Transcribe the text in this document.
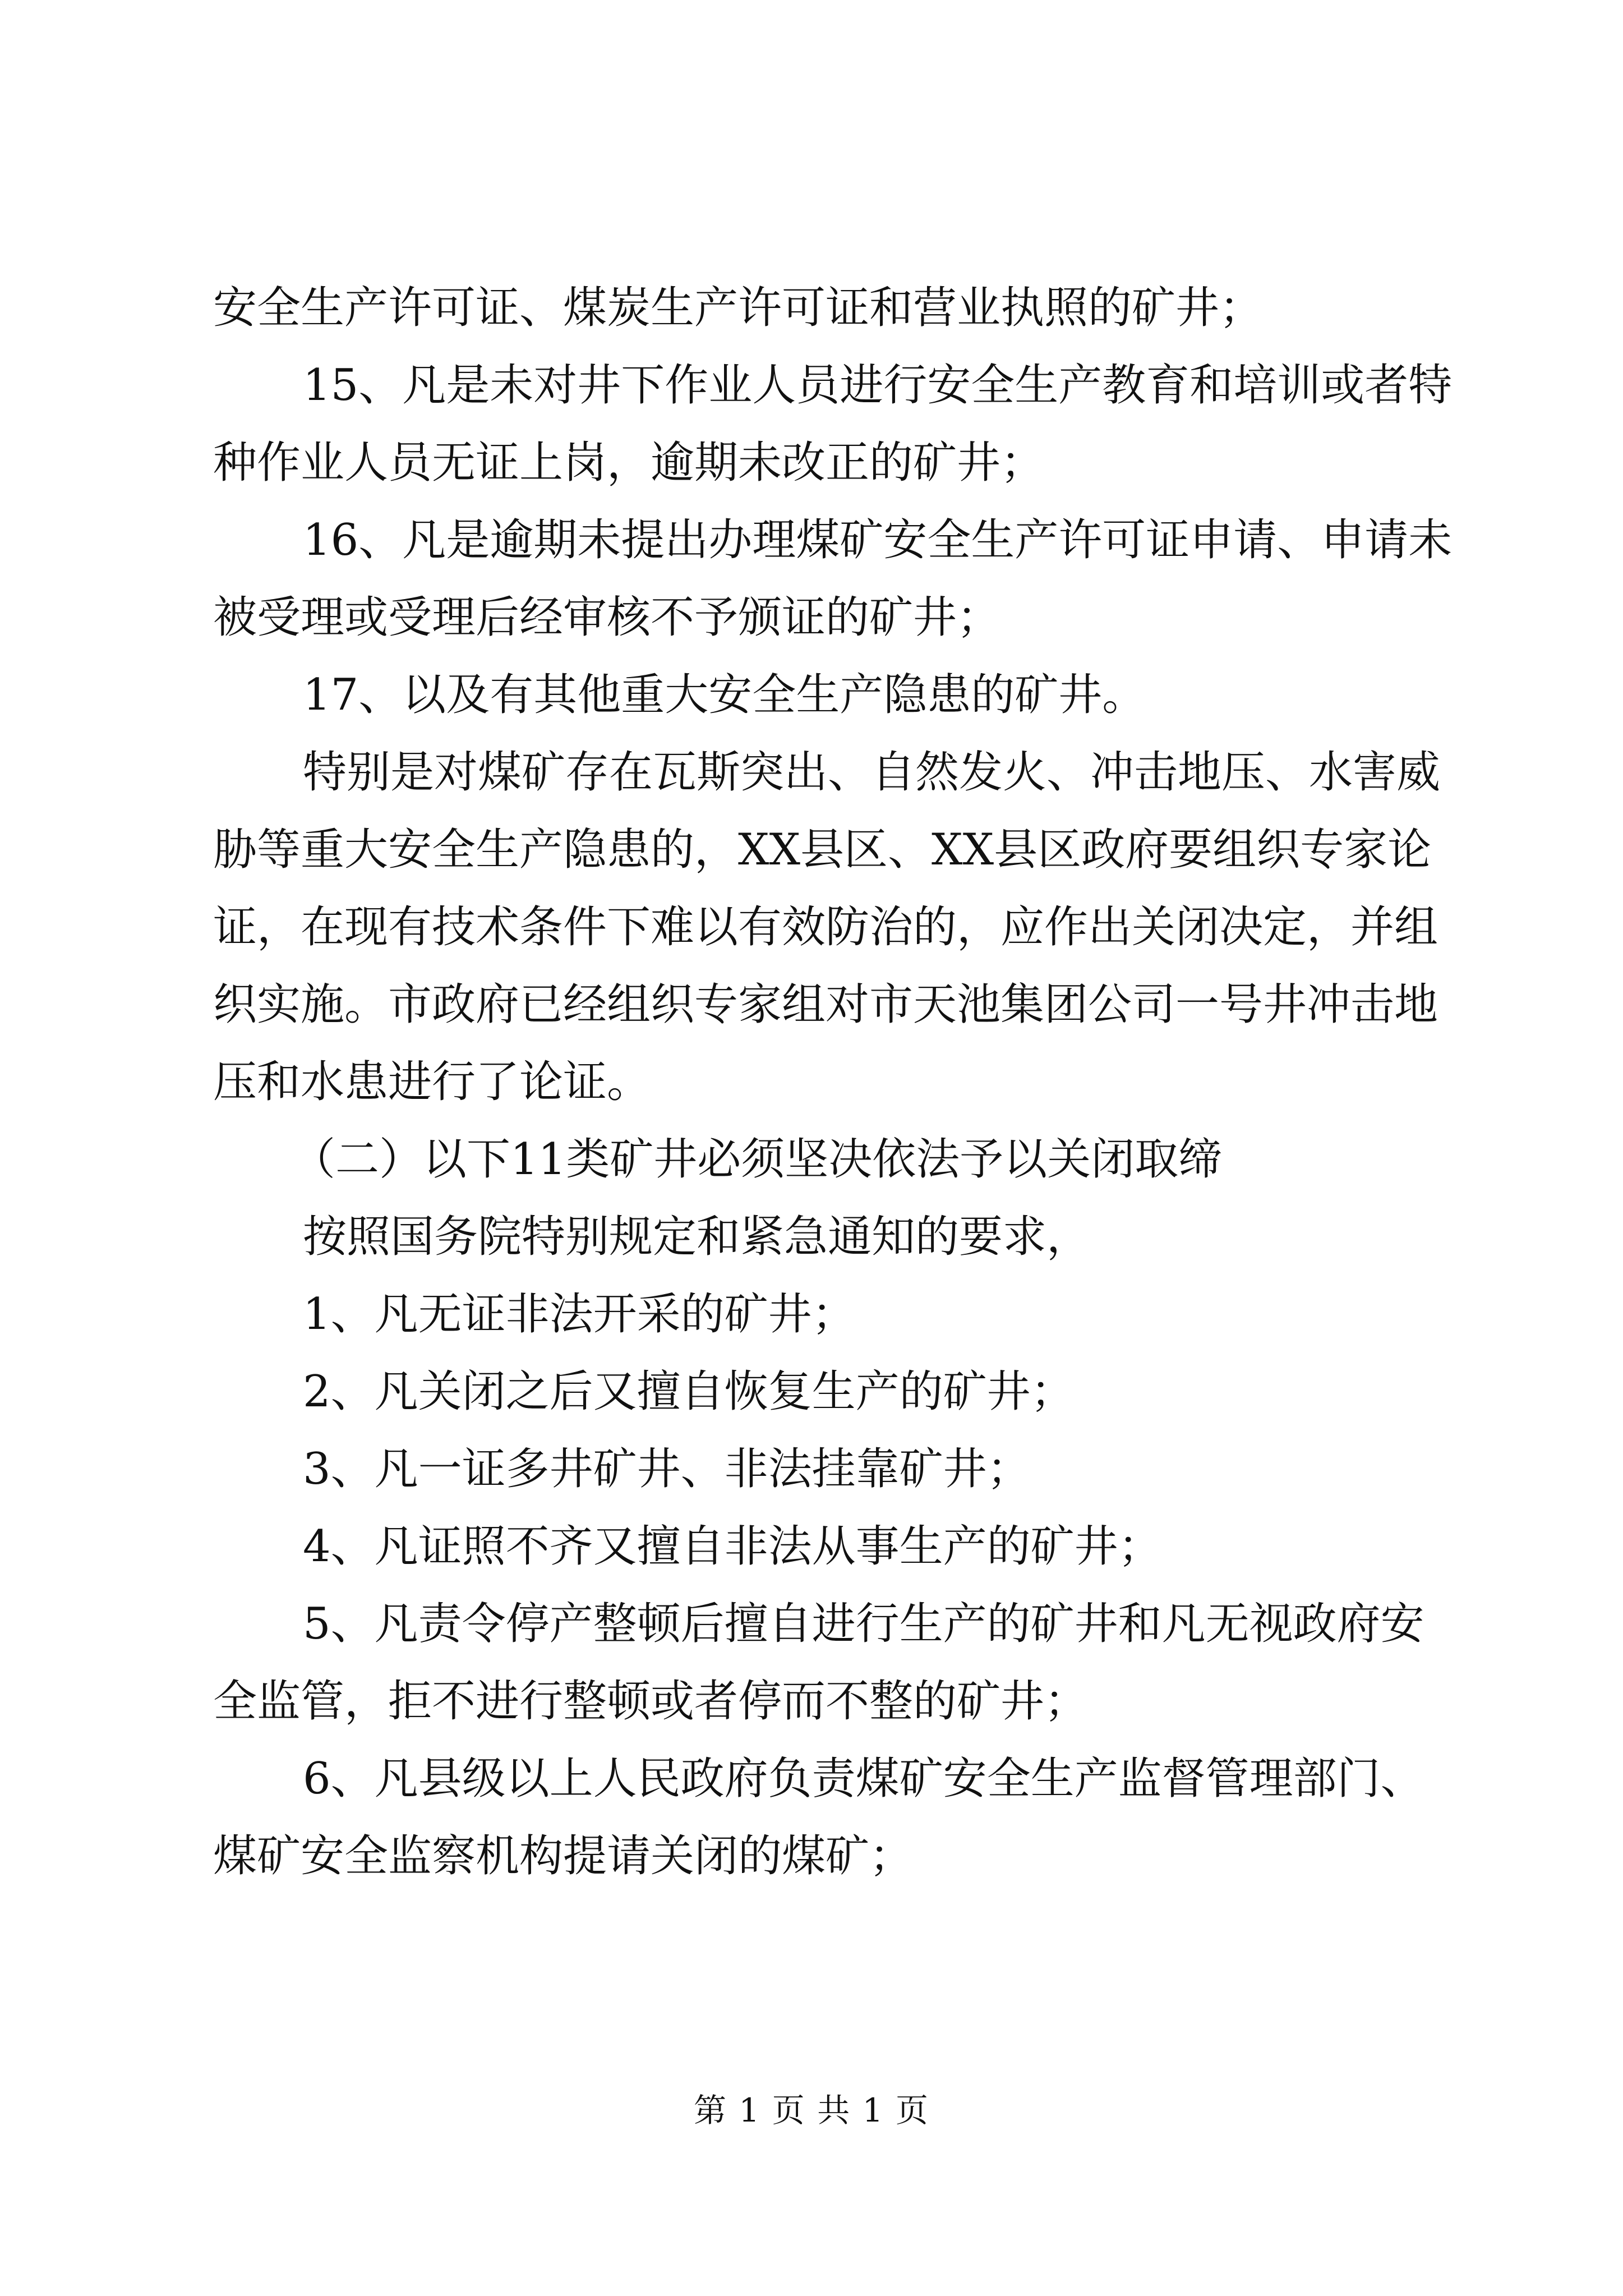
安全生产许可证、煤炭生产许可证和营业执照的矿井；
15、凡是未对井下作业人员进行安全生产教育和培训或者特
种作业人员无证上岗，逾期未改正的矿井；
16、凡是逾期未提出办理煤矿安全生产许可证申请、申请未
被受理或受理后经审核不予颁证的矿井；
17、以及有其他重大安全生产隐患的矿井。
特别是对煤矿存在瓦斯突出、自然发火、冲击地压、水害威
胁等重大安全生产隐患的，XX县区、XX县区政府要组织专家论
证，在现有技术条件下难以有效防治的，应作出关闭决定，并组
织实施。市政府已经组织专家组对市天池集团公司一号井冲击地
压和水患进行了论证。
（二）以下11类矿井必须坚决依法予以关闭取缔
按照国务院特别规定和紧急通知的要求，
1、凡无证非法开采的矿井；
2、凡关闭之后又擅自恢复生产的矿井；
3、凡一证多井矿井、非法挂靠矿井；
4、凡证照不齐又擅自非法从事生产的矿井；
5、凡责令停产整顿后擅自进行生产的矿井和凡无视政府安
全监管，拒不进行整顿或者停而不整的矿井；
6、凡县级以上人民政府负责煤矿安全生产监督管理部门、
煤矿安全监察机构提请关闭的煤矿；
第 1 页 共 1 页
